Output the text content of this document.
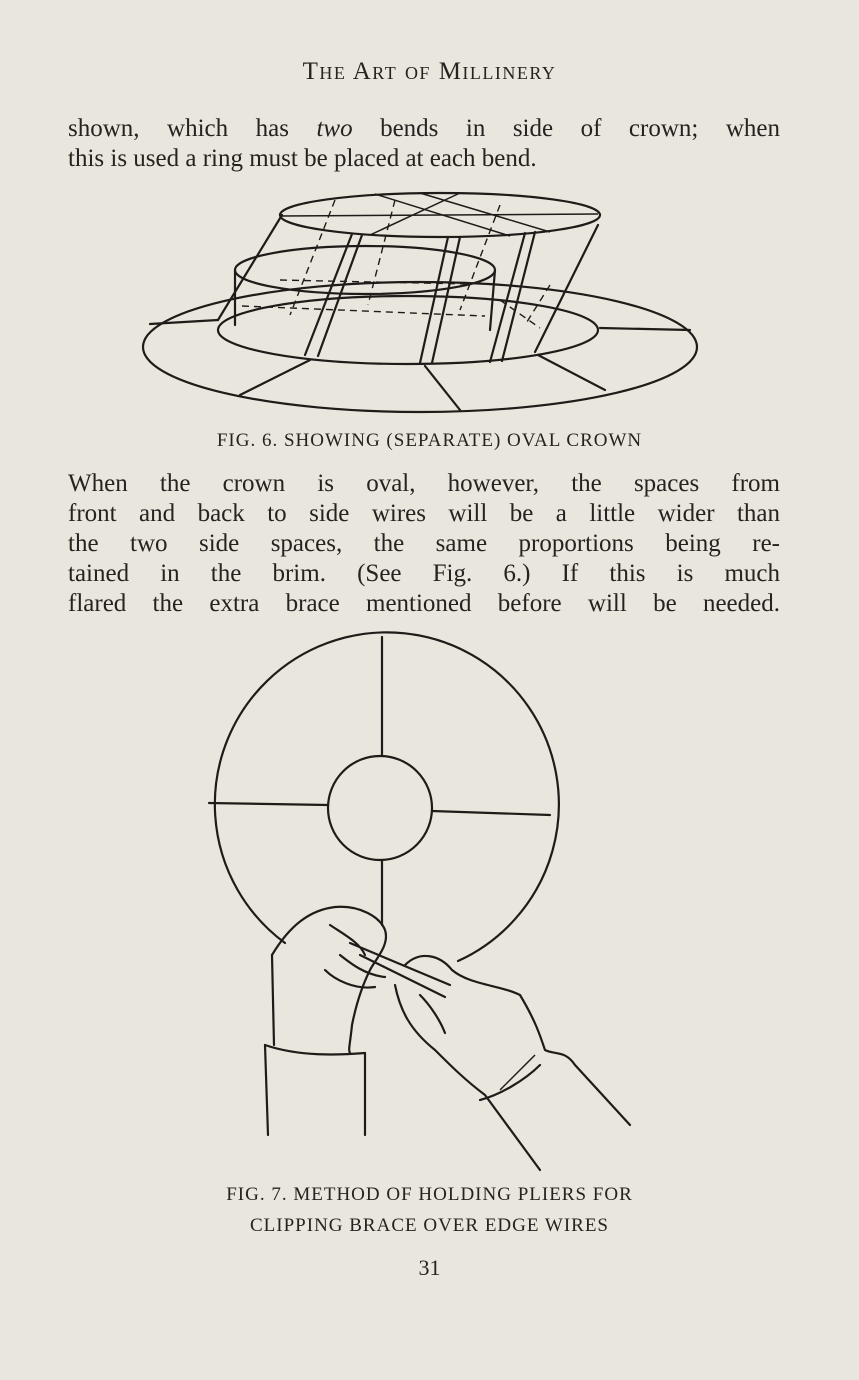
The Art of Millinery
shown, which has two bends in side of crown; when
this is used a ring must be placed at each bend.
FIG. 6. SHOWING (SEPARATE) OVAL CROWN
When the crown is oval, however, the spaces from
front and back to side wires will be a little wider than
the two side spaces, the same proportions being re-
tained in the brim. (See Fig. 6.) If this is much
flared the extra brace mentioned before will be needed.
FIG. 7. METHOD OF HOLDING PLIERS FOR
CLIPPING BRACE OVER EDGE WIRES
31
